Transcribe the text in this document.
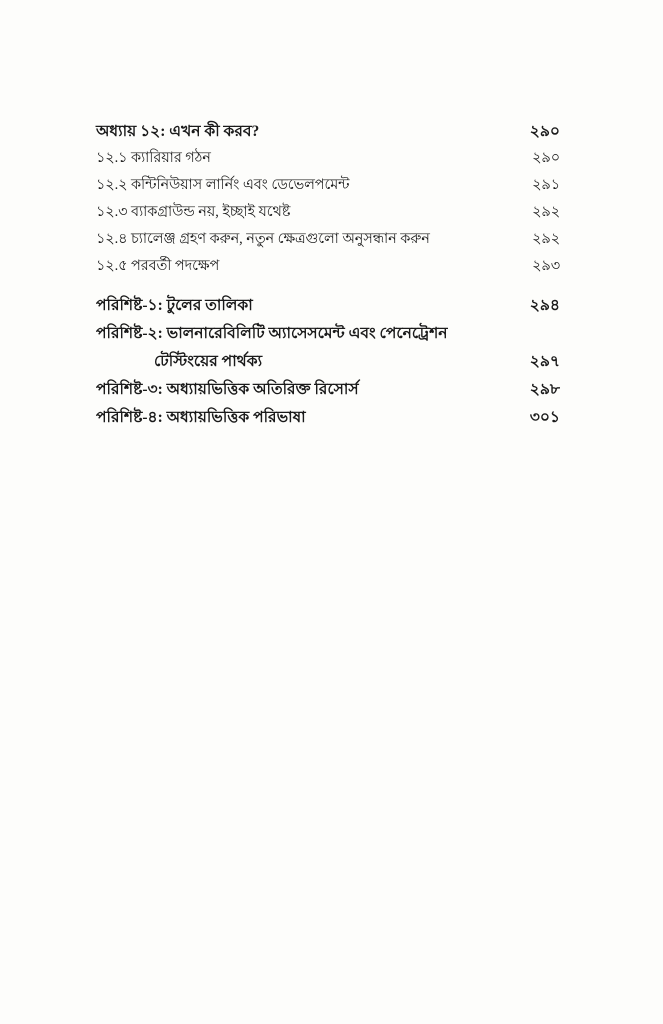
অধ্যায় ১২: এখন কী করব?	২৯০
১২.১ ক্যারিয়ার গঠন	২৯০
১২.২ কন্টিনিউয়াস লার্নিং এবং ডেভেলপমেন্ট	২৯১
১২.৩ ব্যাকগ্রাউন্ড নয়, ইচ্ছাই যথেষ্ট	২৯২
১২.৪ চ্যালেঞ্জ গ্রহণ করুন, নতুন ক্ষেত্রগুলো অনুসন্ধান করুন	২৯২
১২.৫ পরবর্তী পদক্ষেপ	২৯৩
পরিশিষ্ট-১: টুলের তালিকা	২৯৪
পরিশিষ্ট-২: ভালনারেবিলিটি অ্যাসেসমেন্ট এবং পেনেট্রেশন
টেস্টিংয়ের পার্থক্য	২৯৭
পরিশিষ্ট-৩: অধ্যায়ভিত্তিক অতিরিক্ত রিসোর্স	২৯৮
পরিশিষ্ট-৪: অধ্যায়ভিত্তিক পরিভাষা	৩০১
